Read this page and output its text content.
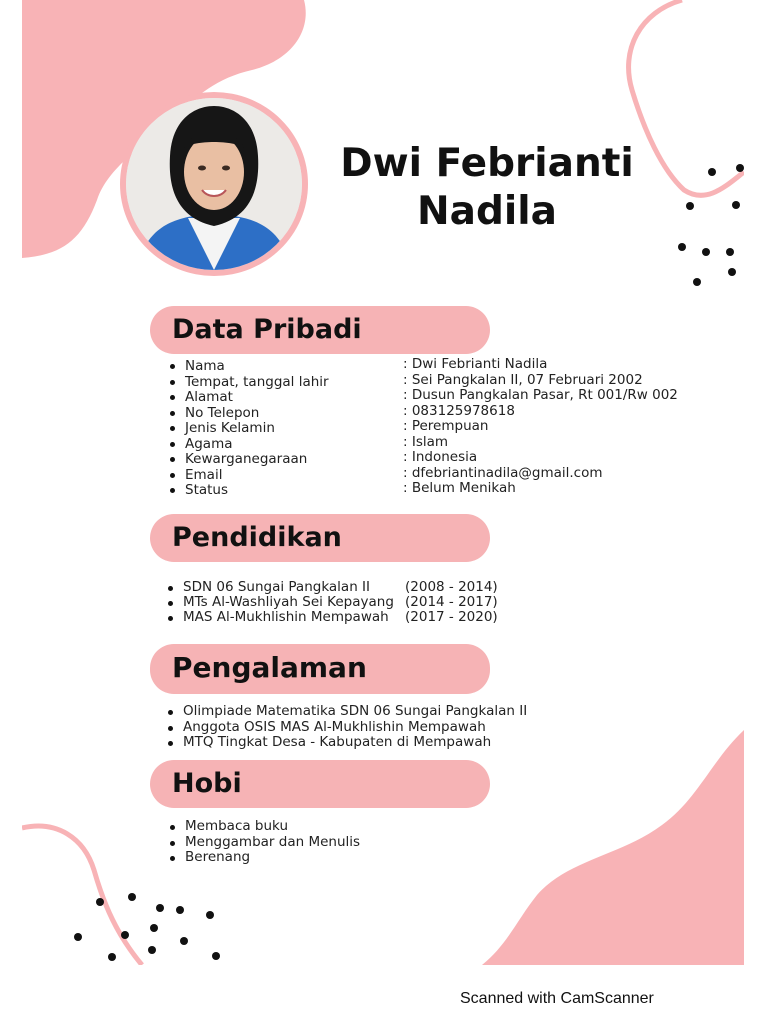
Dwi Febrianti
Nadila
Data Pribadi
Nama	: Dwi Febrianti Nadila
Tempat, tanggal lahir	: Sei Pangkalan II, 07 Februari 2002
Alamat	: Dusun Pangkalan Pasar, Rt 001/Rw 002
No Telepon	: 083125978618
Jenis Kelamin	: Perempuan
Agama	: Islam
Kewarganegaraan	: Indonesia
Email	: dfebriantinadila@gmail.com
Status	: Belum Menikah
Pendidikan
SDN 06 Sungai Pangkalan II	(2008 - 2014)
MTs Al-Washliyah Sei Kepayang (2014 - 2017)
MAS Al-Mukhlishin Mempawah (2017 - 2020)
Pengalaman
Olimpiade Matematika SDN 06 Sungai Pangkalan II
Anggota OSIS MAS Al-Mukhlishin Mempawah
MTQ Tingkat Desa - Kabupaten di Mempawah
Hobi
Membaca buku
Menggambar dan Menulis
Berenang
Scanned with CamScanner
